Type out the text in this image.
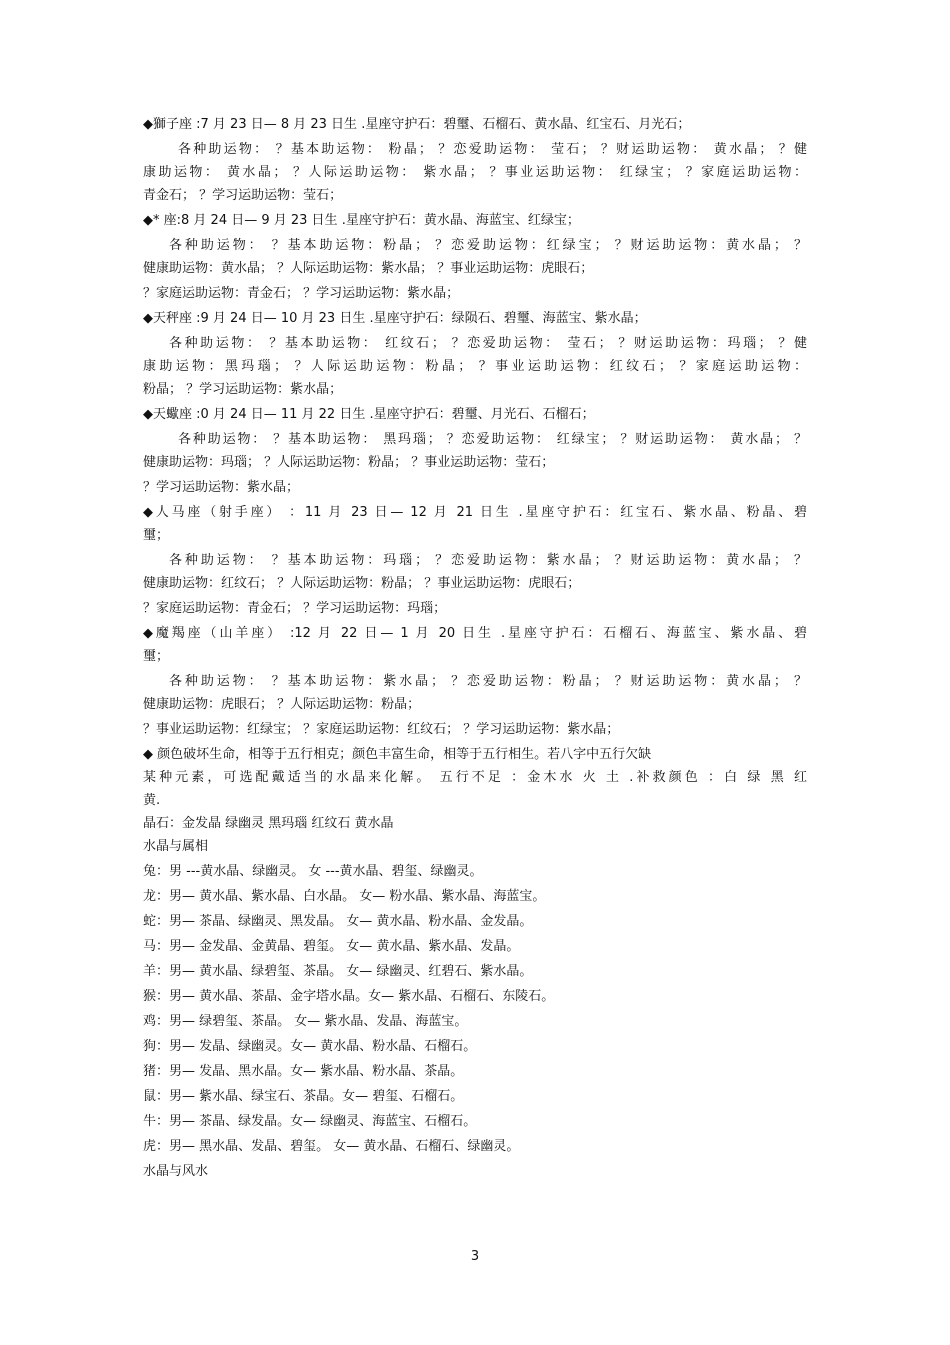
◆獅子座 :7 月 23 日— 8 月 23 日生 .星座守护石：碧璽、石榴石、黄水晶、红宝石、月光石；
各种助运物： ？基本助运物： 粉晶； ？恋爱助运物： 莹石； ？财运助运物： 黄水晶； ？健
康助运物： 黄水晶； ？人际运助运物： 紫水晶； ？事业运助运物： 红绿宝； ？家庭运助运物：
青金石； ？学习运助运物：莹石；
◆* 座:8 月 24 日— 9 月 23 日生 .星座守护石：黄水晶、海蓝宝、红绿宝；
各种助运物： ？基本助运物：粉晶； ？恋爱助运物：红绿宝； ？财运助运物：黄水晶； ？
健康助运物：黄水晶； ？人际运助运物：紫水晶； ？事业运助运物：虎眼石；
？家庭运助运物：青金石； ？学习运助运物：紫水晶；
◆天秤座 :9 月 24 日— 10 月 23 日生 .星座守护石：绿陨石、碧璽、海蓝宝、紫水晶；
各种助运物： ？基本助运物： 红纹石； ？恋爱助运物： 莹石； ？财运助运物：玛瑙； ？健
康助运物：黑玛瑙； ？人际运助运物：粉晶； ？事业运助运物：红纹石； ？家庭运助运物：
粉晶； ？学习运助运物：紫水晶；
◆天蠍座 :0 月 24 日— 11 月 22 日生 .星座守护石：碧璽、月光石、石榴石；
各种助运物： ？基本助运物： 黑玛瑙； ？恋爱助运物： 红绿宝； ？财运助运物： 黄水晶； ？
健康助运物：玛瑙； ？人际运助运物：粉晶； ？事业运助运物：莹石；
？学习运助运物：紫水晶；
◆人马座（射手座） ：11 月 23 日— 12 月 21 日生 .星座守护石：红宝石、紫水晶、粉晶、碧
璽；
各种助运物： ？基本助运物：玛瑙； ？恋爱助运物：紫水晶； ？财运助运物：黄水晶； ？
健康助运物：红纹石； ？人际运助运物：粉晶； ？事业运助运物：虎眼石；
？家庭运助运物：青金石； ？学习运助运物：玛瑙；
◆魔羯座（山羊座） :12 月 22 日— 1 月 20 日生 .星座守护石：石榴石、海蓝宝、紫水晶、碧
璽；
各种助运物： ？基本助运物：紫水晶； ？恋爱助运物：粉晶； ？财运助运物：黄水晶； ？
健康助运物：虎眼石； ？人际运助运物：粉晶；
？事业运助运物：红绿宝； ？家庭运助运物：红纹石； ？学习运助运物：紫水晶；
◆ 颜色破坏生命，相等于五行相克；颜色丰富生命，相等于五行相生。若八字中五行欠缺
某种元素，可选配戴适当的水晶来化解。 五行不足 ：金木水 火 土 .补救颜色 ：白 绿 黑 红
黄.
晶石：金发晶 绿幽灵 黑玛瑙 红纹石 黄水晶
水晶与属相
兔：男 ---黄水晶、绿幽灵。 女 ---黄水晶、碧玺、绿幽灵。
龙：男— 黄水晶、紫水晶、白水晶。 女— 粉水晶、紫水晶、海蓝宝。
蛇：男— 茶晶、绿幽灵、黑发晶。 女— 黄水晶、粉水晶、金发晶。
马：男— 金发晶、金黄晶、碧玺。 女— 黄水晶、紫水晶、发晶。
羊：男— 黄水晶、绿碧玺、茶晶。 女— 绿幽灵、红碧石、紫水晶。
猴：男— 黄水晶、茶晶、金字塔水晶。女— 紫水晶、石榴石、东陵石。
鸡：男— 绿碧玺、茶晶。 女— 紫水晶、发晶、海蓝宝。
狗：男— 发晶、绿幽灵。女— 黄水晶、粉水晶、石榴石。
猪：男— 发晶、黑水晶。女— 紫水晶、粉水晶、茶晶。
鼠：男— 紫水晶、绿宝石、茶晶。女— 碧玺、石榴石。
牛：男— 茶晶、绿发晶。女— 绿幽灵、海蓝宝、石榴石。
虎：男— 黑水晶、发晶、碧玺。 女— 黄水晶、石榴石、绿幽灵。
水晶与风水
3
